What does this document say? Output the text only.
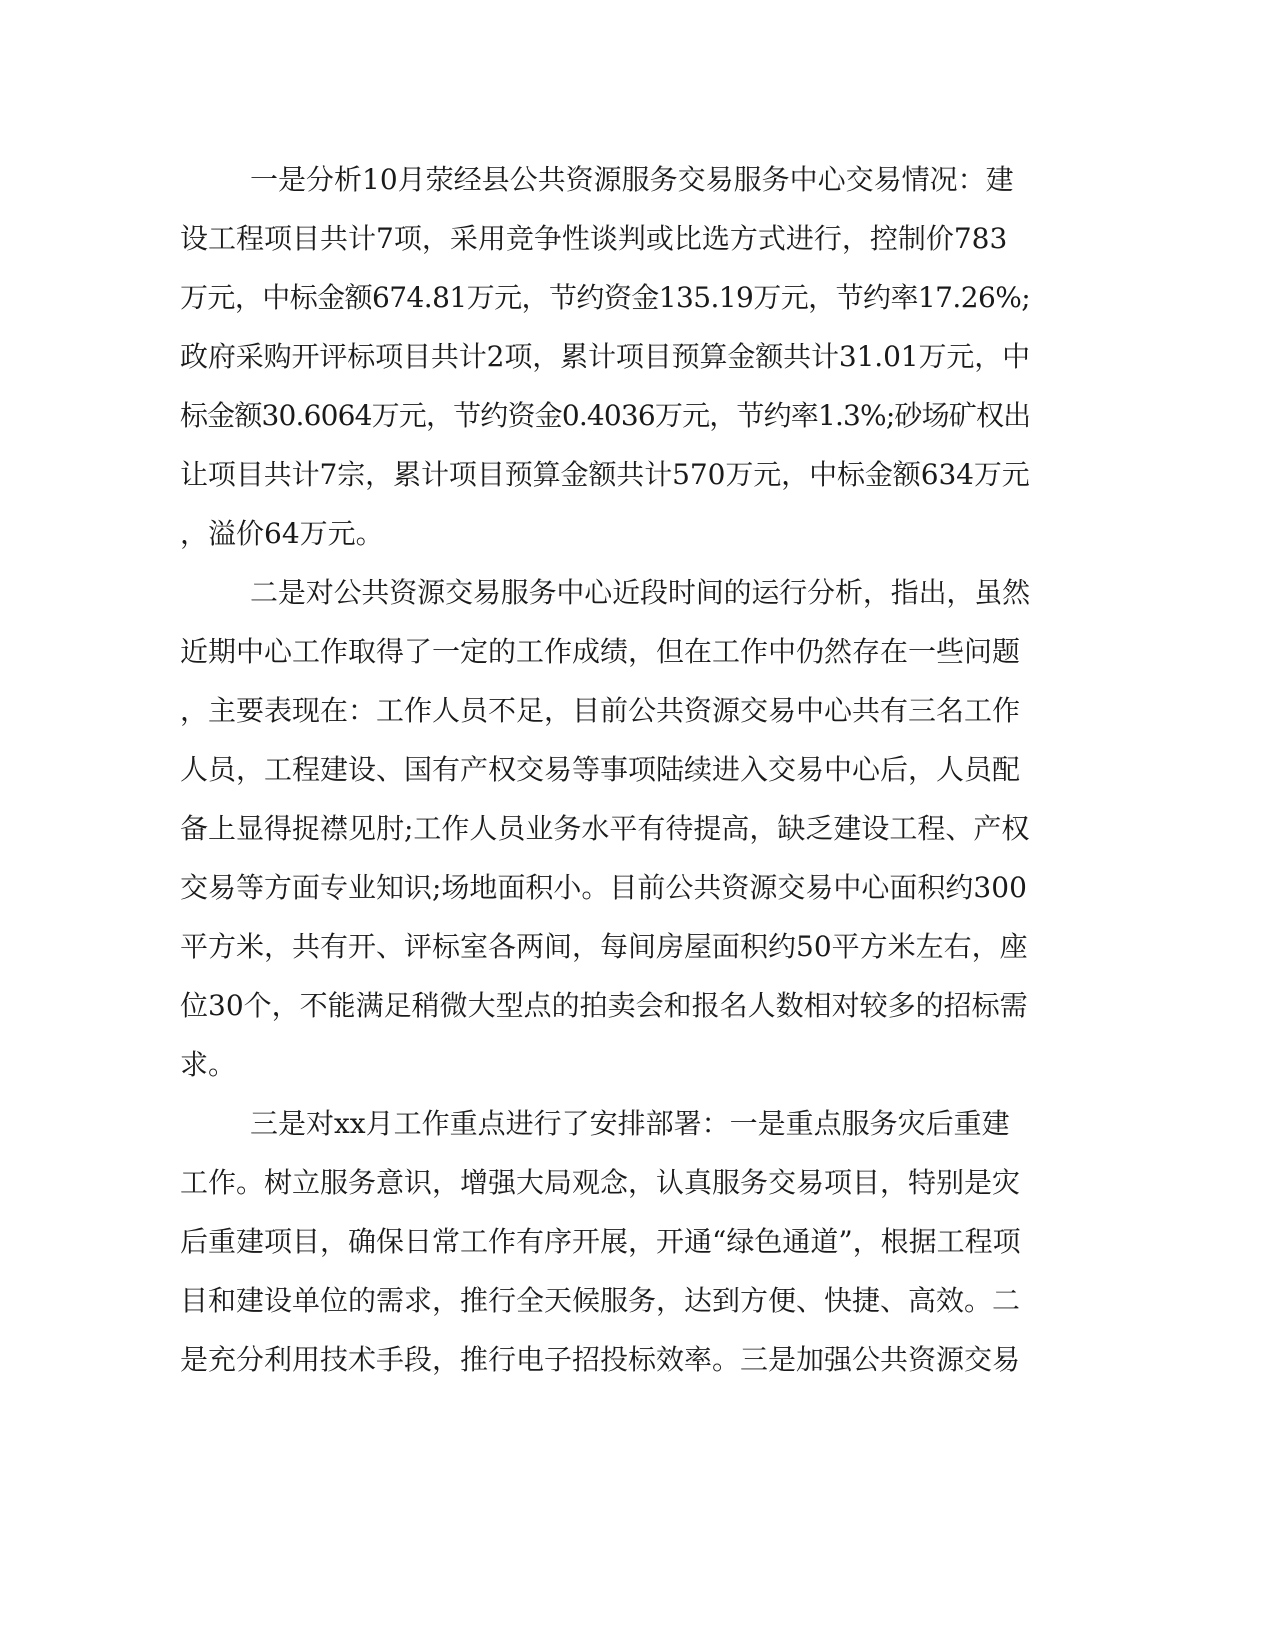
一是分析10月荥经县公共资源服务交易服务中心交易情况：建
设工程项目共计7项，采用竞争性谈判或比选方式进行，控制价783
万元，中标金额674.81万元，节约资金135.19万元，节约率17.26%;
政府采购开评标项目共计2项，累计项目预算金额共计31.01万元，中
标金额30.6064万元，节约资金0.4036万元，节约率1.3%;砂场矿权出
让项目共计7宗，累计项目预算金额共计570万元，中标金额634万元
，溢价64万元。
二是对公共资源交易服务中心近段时间的运行分析，指出，虽然
近期中心工作取得了一定的工作成绩，但在工作中仍然存在一些问题
，主要表现在：工作人员不足，目前公共资源交易中心共有三名工作
人员，工程建设、国有产权交易等事项陆续进入交易中心后，人员配
备上显得捉襟见肘;工作人员业务水平有待提高，缺乏建设工程、产权
交易等方面专业知识;场地面积小。目前公共资源交易中心面积约300
平方米，共有开、评标室各两间，每间房屋面积约50平方米左右，座
位30个，不能满足稍微大型点的拍卖会和报名人数相对较多的招标需
求。
三是对xx月工作重点进行了安排部署：一是重点服务灾后重建
工作。树立服务意识，增强大局观念，认真服务交易项目，特别是灾
后重建项目，确保日常工作有序开展，开通“绿色通道”，根据工程项
目和建设单位的需求，推行全天候服务，达到方便、快捷、高效。二
是充分利用技术手段，推行电子招投标效率。三是加强公共资源交易
